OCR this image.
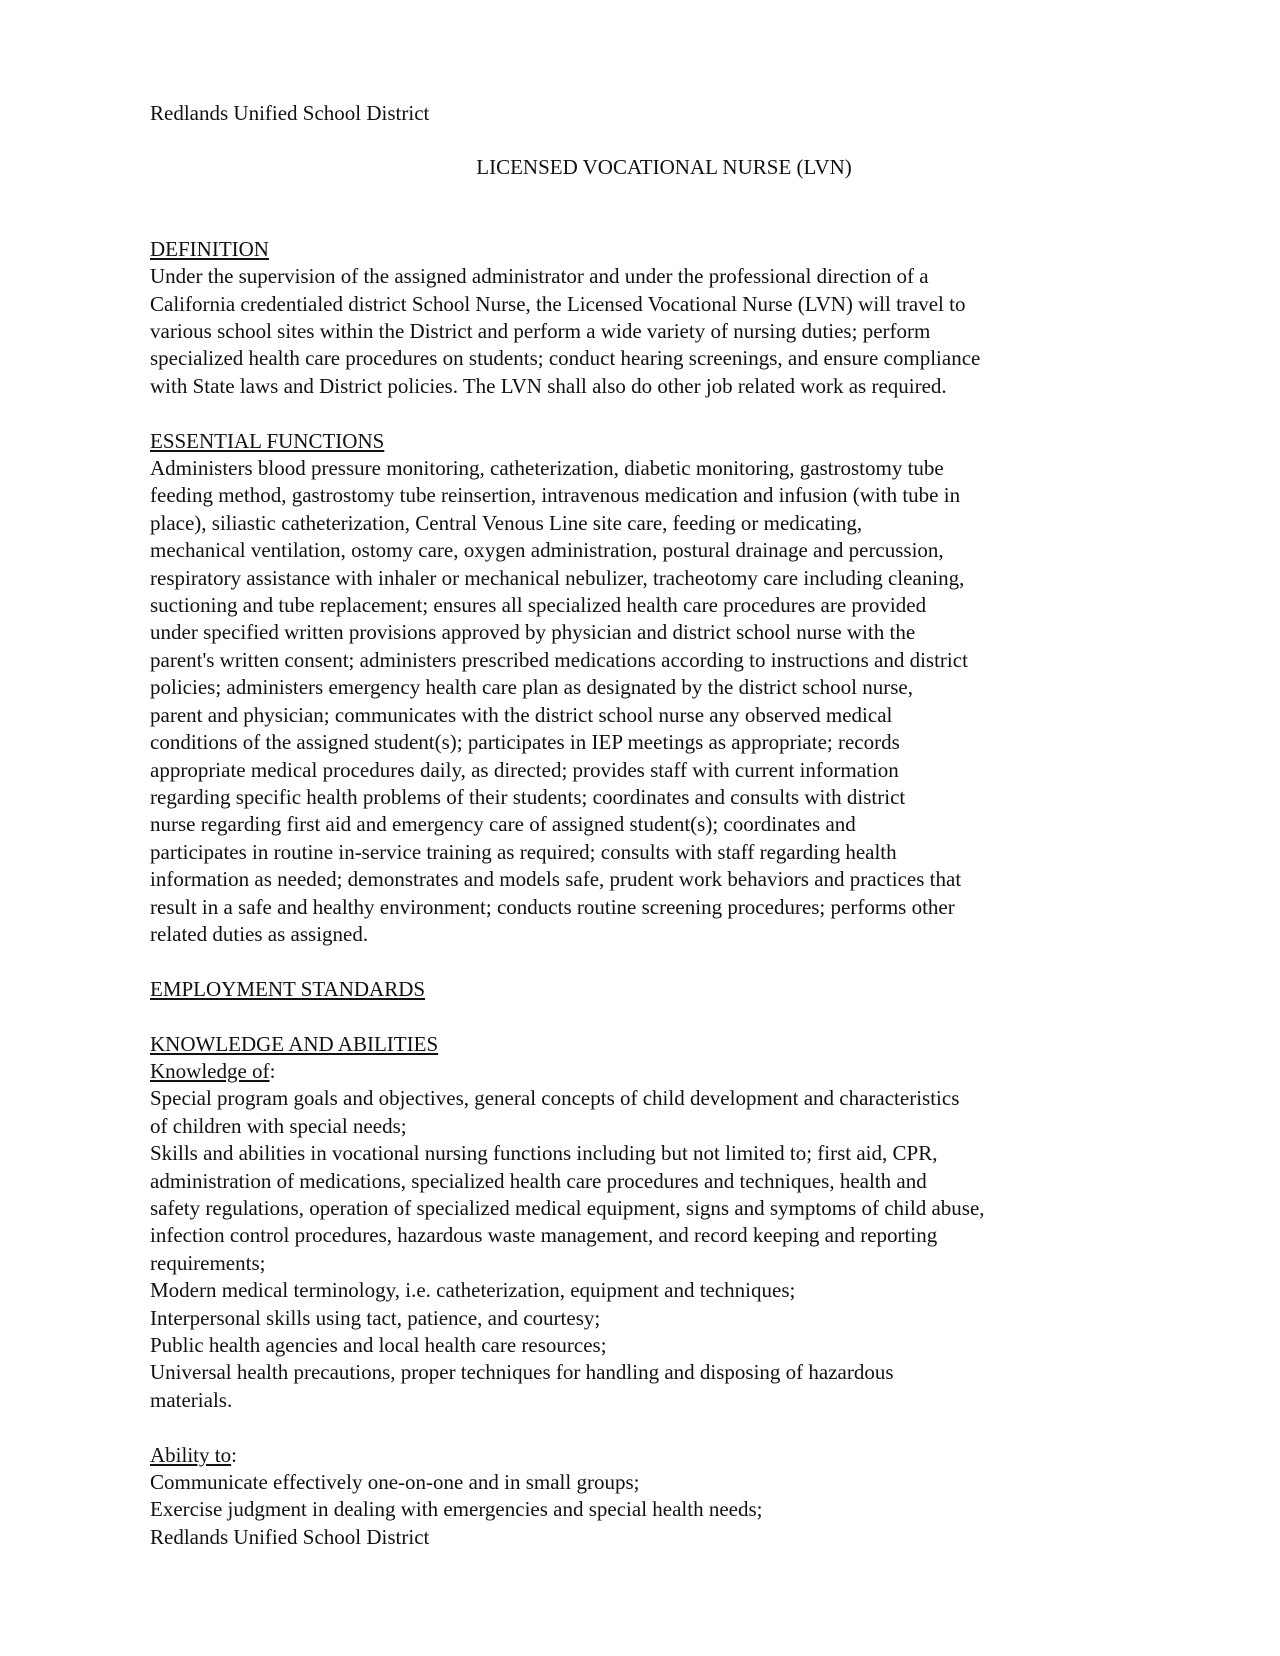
Redlands Unified School District
LICENSED VOCATIONAL NURSE (LVN)
DEFINITION
Under the supervision of the assigned administrator and under the professional direction of a
California credentialed district School Nurse, the Licensed Vocational Nurse (LVN) will travel to
various school sites within the District and perform a wide variety of nursing duties; perform
specialized health care procedures on students; conduct hearing screenings, and ensure compliance
with State laws and District policies. The LVN shall also do other job related work as required.
ESSENTIAL FUNCTIONS
Administers blood pressure monitoring, catheterization, diabetic monitoring, gastrostomy tube
feeding method, gastrostomy tube reinsertion, intravenous medication and infusion (with tube in
place), siliastic catheterization, Central Venous Line site care, feeding or medicating,
mechanical ventilation, ostomy care, oxygen administration, postural drainage and percussion,
respiratory assistance with inhaler or mechanical nebulizer, tracheotomy care including cleaning,
suctioning and tube replacement; ensures all specialized health care procedures are provided
under specified written provisions approved by physician and district school nurse with the
parent's written consent; administers prescribed medications according to instructions and district
policies; administers emergency health care plan as designated by the district school nurse,
parent and physician; communicates with the district school nurse any observed medical
conditions of the assigned student(s); participates in IEP meetings as appropriate; records
appropriate medical procedures daily, as directed; provides staff with current information
regarding specific health problems of their students; coordinates and consults with district
nurse regarding first aid and emergency care of assigned student(s); coordinates and
participates in routine in-service training as required; consults with staff regarding health
information as needed; demonstrates and models safe, prudent work behaviors and practices that
result in a safe and healthy environment; conducts routine screening procedures; performs other
related duties as assigned.
EMPLOYMENT STANDARDS
KNOWLEDGE AND ABILITIES
Knowledge of:
Special program goals and objectives, general concepts of child development and characteristics
of children with special needs;
Skills and abilities in vocational nursing functions including but not limited to; first aid, CPR,
administration of medications, specialized health care procedures and techniques, health and
safety regulations, operation of specialized medical equipment, signs and symptoms of child abuse,
infection control procedures, hazardous waste management, and record keeping and reporting
requirements;
Modern medical terminology, i.e. catheterization, equipment and techniques;
Interpersonal skills using tact, patience, and courtesy;
Public health agencies and local health care resources;
Universal health precautions, proper techniques for handling and disposing of hazardous
materials.
Ability to:
Communicate effectively one-on-one and in small groups;
Exercise judgment in dealing with emergencies and special health needs;
Redlands Unified School District
